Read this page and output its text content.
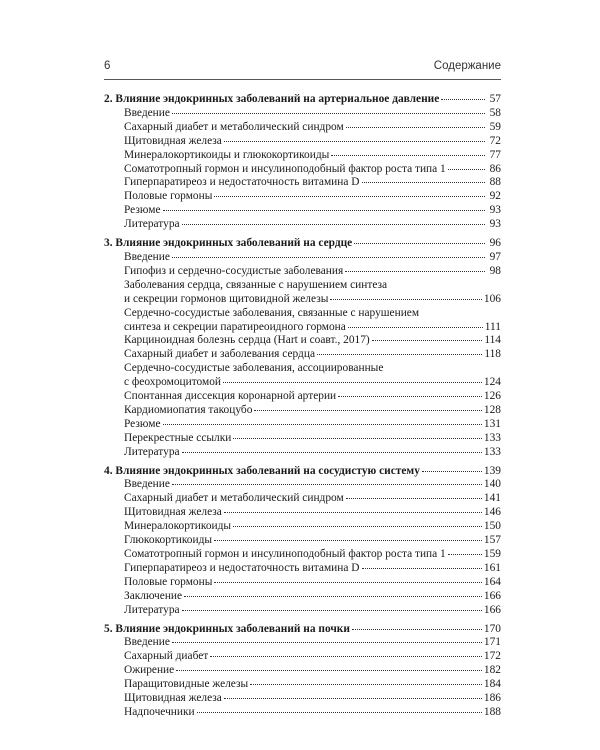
6	Содержание
2. Влияние эндокринных заболеваний на артериальное давление	57
Введение	58
Сахарный диабет и метаболический синдром	59
Щитовидная железа	72
Минералокортикоиды и глюкокортикоиды	77
Соматотропный гормон и инсулиноподобный фактор роста типа 1	86
Гиперпаратиреоз и недостаточность витамина D	88
Половые гормоны	92
Резюме	93
Литература	93
3. Влияние эндокринных заболеваний на сердце	96
Введение	97
Гипофиз и сердечно-сосудистые заболевания	98
Заболевания сердца, связанные с нарушением синтеза
и секреции гормонов щитовидной железы	106
Сердечно-сосудистые заболевания, связанные с нарушением
синтеза и секреции паратиреоидного гормона	111
Карциноидная болезнь сердца (Hart и соавт., 2017)	114
Сахарный диабет и заболевания сердца	118
Сердечно-сосудистые заболевания, ассоциированные
с феохромоцитомой	124
Спонтанная диссекция коронарной артерии	126
Кардиомиопатия такоцубо	128
Резюме	131
Перекрестные ссылки	133
Литература	133
4. Влияние эндокринных заболеваний на сосудистую систему	139
Введение	140
Сахарный диабет и метаболический синдром	141
Щитовидная железа	146
Минералокортикоиды	150
Глюкокортикоиды	157
Соматотропный гормон и инсулиноподобный фактор роста типа 1	159
Гиперпаратиреоз и недостаточность витамина D	161
Половые гормоны	164
Заключение	166
Литература	166
5. Влияние эндокринных заболеваний на почки	170
Введение	171
Сахарный диабет	172
Ожирение	182
Паращитовидные железы	184
Щитовидная железа	186
Надпочечники	188
